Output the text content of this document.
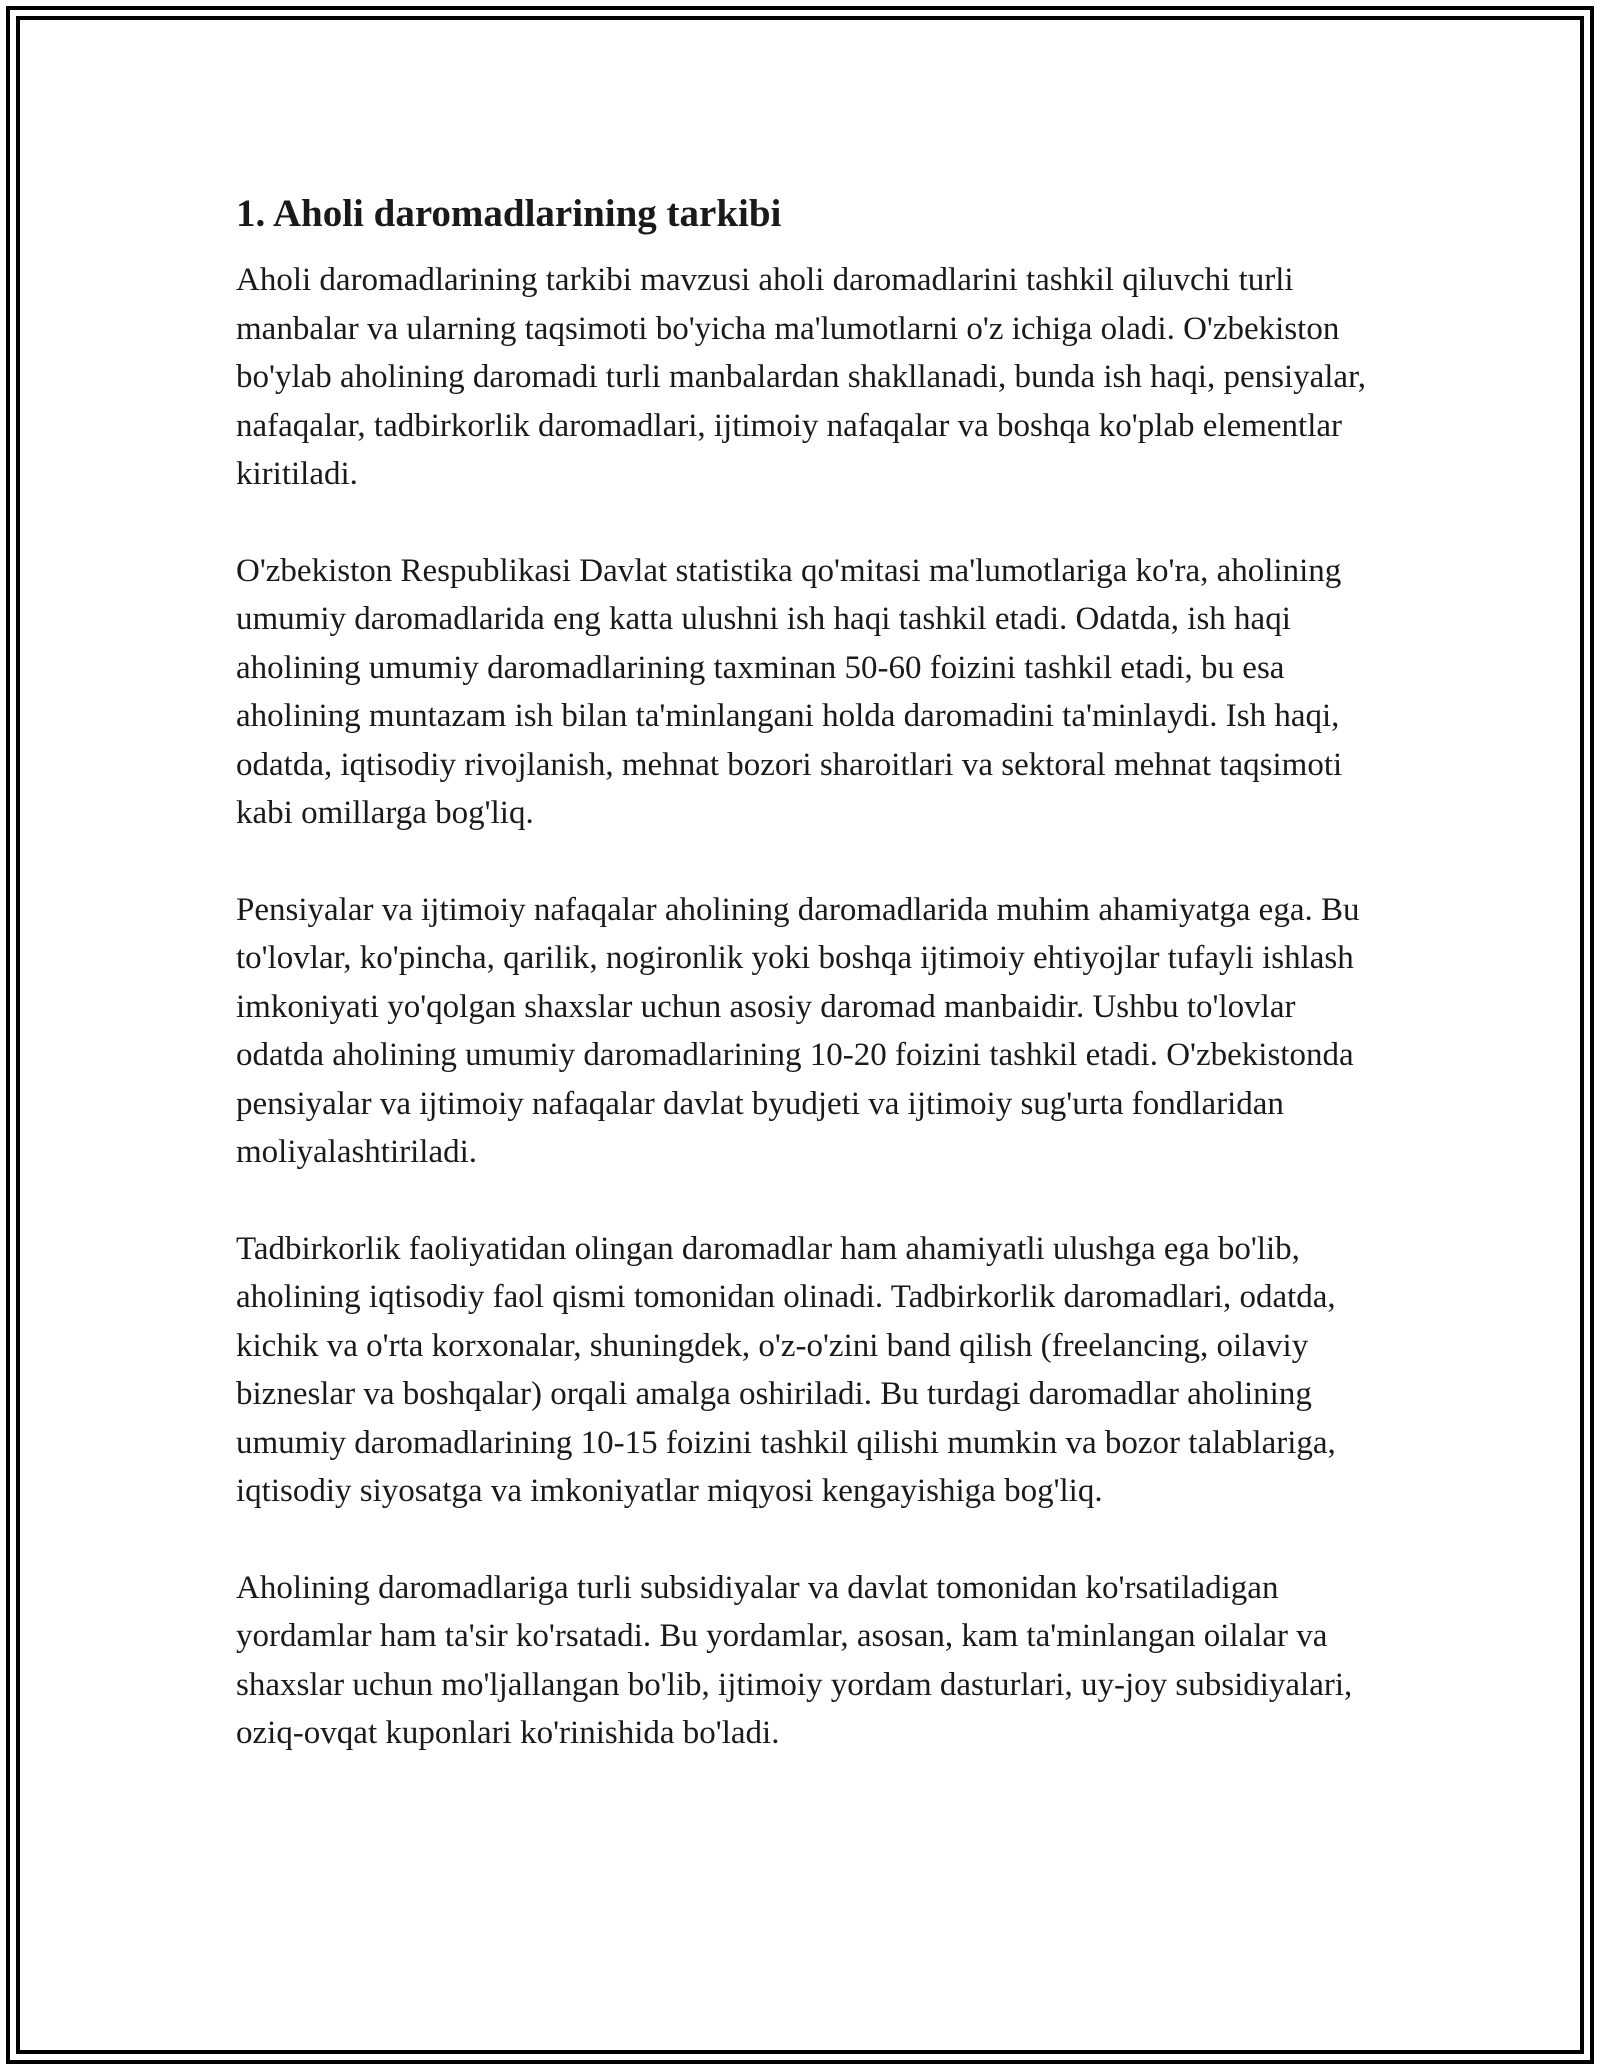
1. Aholi daromadlarining tarkibi

Aholi daromadlarining tarkibi mavzusi aholi daromadlarini tashkil qiluvchi turli manbalar va ularning taqsimoti bo'yicha ma'lumotlarni o'z ichiga oladi. O'zbekiston bo'ylab aholining daromadi turli manbalardan shakllanadi, bunda ish haqi, pensiyalar, nafaqalar, tadbirkorlik daromadlari, ijtimoiy nafaqalar va boshqa ko'plab elementlar kiritiladi.

O'zbekiston Respublikasi Davlat statistika qo'mitasi ma'lumotlariga ko'ra, aholining umumiy daromadlarida eng katta ulushni ish haqi tashkil etadi. Odatda, ish haqi aholining umumiy daromadlarining taxminan 50-60 foizini tashkil etadi, bu esa aholining muntazam ish bilan ta'minlangani holda daromadini ta'minlaydi. Ish haqi, odatda, iqtisodiy rivojlanish, mehnat bozori sharoitlari va sektoral mehnat taqsimoti kabi omillarga bog'liq.

Pensiyalar va ijtimoiy nafaqalar aholining daromadlarida muhim ahamiyatga ega. Bu to'lovlar, ko'pincha, qarilik, nogironlik yoki boshqa ijtimoiy ehtiyojlar tufayli ishlash imkoniyati yo'qolgan shaxslar uchun asosiy daromad manbaidir. Ushbu to'lovlar odatda aholining umumiy daromadlarining 10-20 foizini tashkil etadi. O'zbekistonda pensiyalar va ijtimoiy nafaqalar davlat byudjeti va ijtimoiy sug'urta fondlaridan moliyalashtiriladi.

Tadbirkorlik faoliyatidan olingan daromadlar ham ahamiyatli ulushga ega bo'lib, aholining iqtisodiy faol qismi tomonidan olinadi. Tadbirkorlik daromadlari, odatda, kichik va o'rta korxonalar, shuningdek, o'z-o'zini band qilish (freelancing, oilaviy bizneslar va boshqalar) orqali amalga oshiriladi. Bu turdagi daromadlar aholining umumiy daromadlarining 10-15 foizini tashkil qilishi mumkin va bozor talablariga, iqtisodiy siyosatga va imkoniyatlar miqyosi kengayishiga bog'liq.

Aholining daromadlariga turli subsidiyalar va davlat tomonidan ko'rsatiladigan yordamlar ham ta'sir ko'rsatadi. Bu yordamlar, asosan, kam ta'minlangan oilalar va shaxslar uchun mo'ljallangan bo'lib, ijtimoiy yordam dasturlari, uy-joy subsidiyalari, oziq-ovqat kuponlari ko'rinishida bo'ladi.
